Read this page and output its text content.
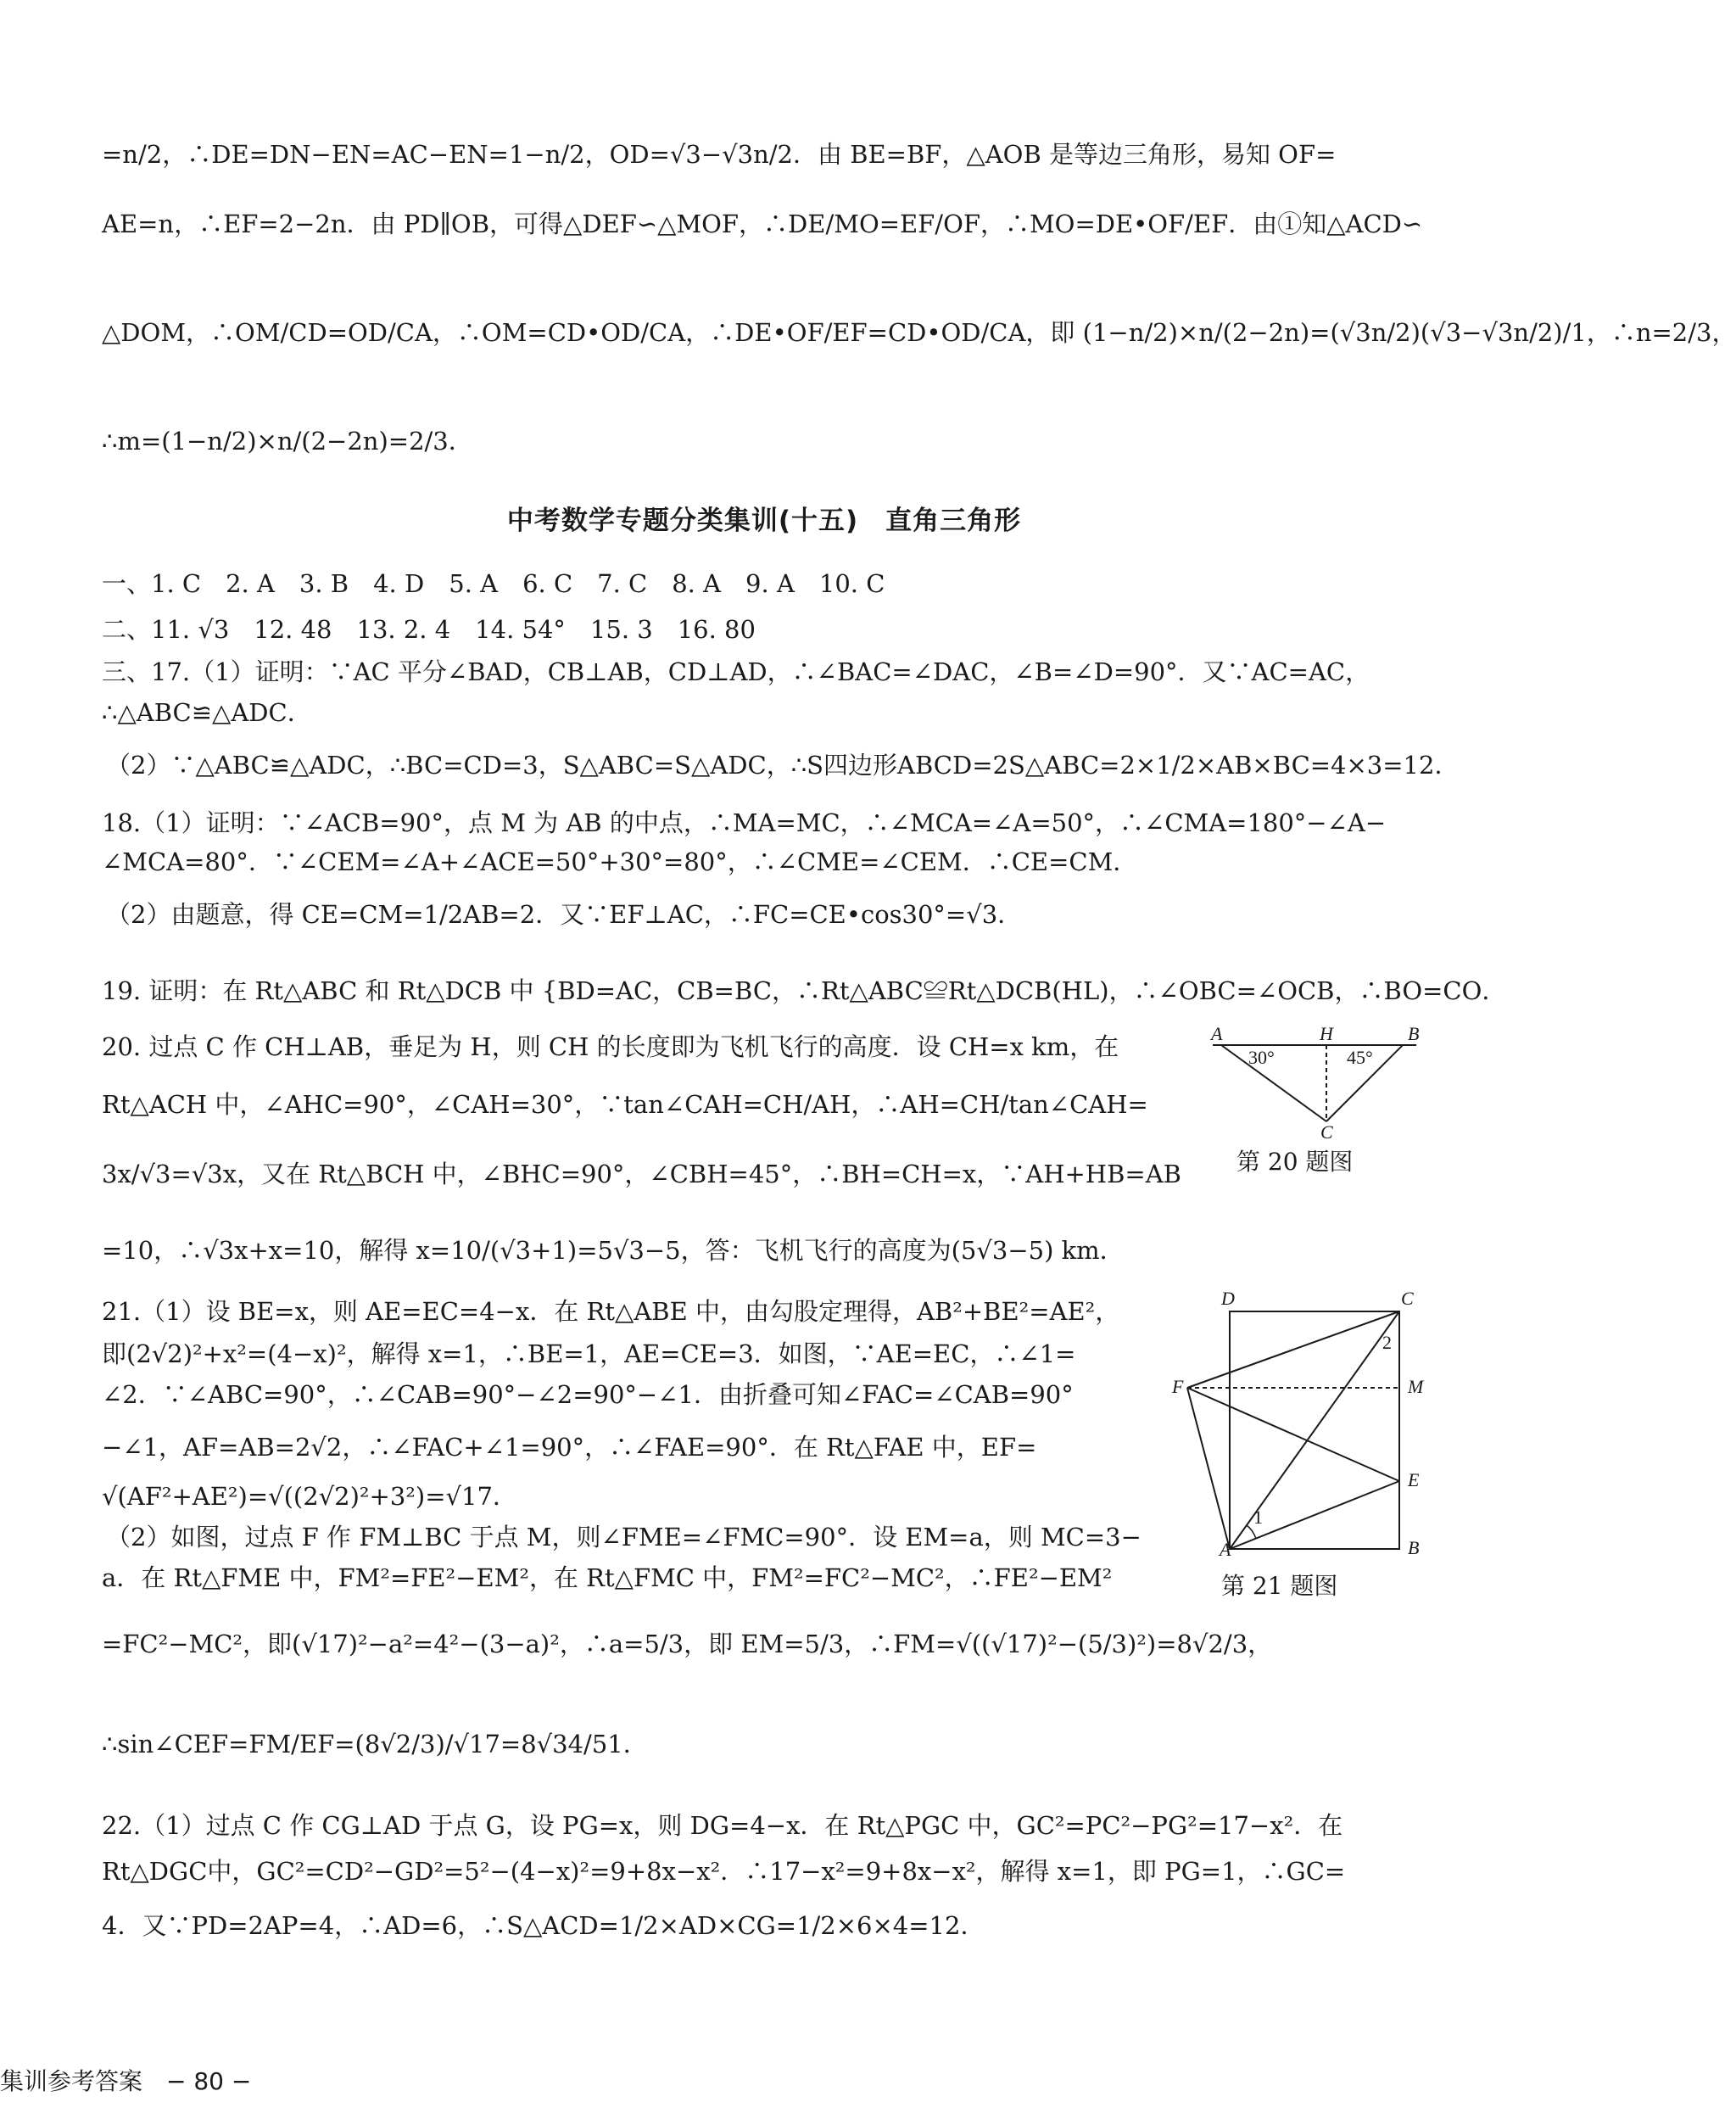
=n/2，∴DE=DN−EN=AC−EN=1−n/2，OD=√3−√3n/2．由 BE=BF，△AOB 是等边三角形，易知 OF=
AE=n，∴EF=2−2n．由 PD∥OB，可得△DEF∽△MOF，∴DE/MO=EF/OF，∴MO=DE•OF/EF．由①知△ACD∽
△DOM，∴OM/CD=OD/CA，∴OM=CD•OD/CA，∴DE•OF/EF=CD•OD/CA，即 (1−n/2)×n/(2−2n)=(√3n/2)(√3−√3n/2)/1，∴n=2/3，
∴m=(1−n/2)×n/(2−2n)=2/3．
中考数学专题分类集训(十五)　直角三角形
一、1. C　2. A　3. B　4. D　5. A　6. C　7. C　8. A　9. A　10. C
二、11. √3　12. 48　13. 2. 4　14. 54°　15. 3　16. 80
三、17.（1）证明：∵AC 平分∠BAD，CB⊥AB，CD⊥AD，∴∠BAC=∠DAC，∠B=∠D=90°．又∵AC=AC，
∴△ABC≌△ADC．
（2）∵△ABC≌△ADC，∴BC=CD=3，S△ABC=S△ADC，∴S四边形ABCD=2S△ABC=2×1/2×AB×BC=4×3=12．
18.（1）证明：∵∠ACB=90°，点 M 为 AB 的中点，∴MA=MC，∴∠MCA=∠A=50°，∴∠CMA=180°−∠A−
∠MCA=80°．∵∠CEM=∠A+∠ACE=50°+30°=80°，∴∠CME=∠CEM．∴CE=CM．
（2）由题意，得 CE=CM=1/2AB=2．又∵EF⊥AC，∴FC=CE•cos30°=√3．
19. 证明：在 Rt△ABC 和 Rt△DCB 中 {BD=AC，CB=BC，∴Rt△ABC≌Rt△DCB(HL)，∴∠OBC=∠OCB，∴BO=CO．
20. 过点 C 作 CH⊥AB，垂足为 H，则 CH 的长度即为飞机飞行的高度．设 CH=x km，在
Rt△ACH 中，∠AHC=90°，∠CAH=30°，∵tan∠CAH=CH/AH，∴AH=CH/tan∠CAH=
3x/√3=√3x，又在 Rt△BCH 中，∠BHC=90°，∠CBH=45°，∴BH=CH=x，∵AH+HB=AB
=10，∴√3x+x=10，解得 x=10/(√3+1)=5√3−5，答：飞机飞行的高度为(5√3−5) km．
A	H	B
C
30°	45°
第 20 题图
21.（1）设 BE=x，则 AE=EC=4−x．在 Rt△ABE 中，由勾股定理得，AB²+BE²=AE²，
即(2√2)²+x²=(4−x)²，解得 x=1，∴BE=1，AE=CE=3．如图，∵AE=EC，∴∠1=
∠2．∵∠ABC=90°，∴∠CAB=90°−∠2=90°−∠1．由折叠可知∠FAC=∠CAB=90°
−∠1，AF=AB=2√2，∴∠FAC+∠1=90°，∴∠FAE=90°．在 Rt△FAE 中，EF=
√(AF²+AE²)=√((2√2)²+3²)=√17．
（2）如图，过点 F 作 FM⊥BC 于点 M，则∠FME=∠FMC=90°．设 EM=a，则 MC=3−
a．在 Rt△FME 中，FM²=FE²−EM²，在 Rt△FMC 中，FM²=FC²−MC²，∴FE²−EM²
=FC²−MC²，即(√17)²−a²=4²−(3−a)²，∴a=5/3，即 EM=5/3，∴FM=√((√17)²−(5/3)²)=8√2/3，
∴sin∠CEF=FM/EF=(8√2/3)/√17=8√34/51．
D	C
F	M
E
A	B
1
2
第 21 题图
22.（1）过点 C 作 CG⊥AD 于点 G，设 PG=x，则 DG=4−x．在 Rt△PGC 中，GC²=PC²−PG²=17−x²．在
Rt△DGC中，GC²=CD²−GD²=5²−(4−x)²=9+8x−x²．∴17−x²=9+8x−x²，解得 x=1，即 PG=1，∴GC=
4．又∵PD=2AP=4，∴AD=6，∴S△ACD=1/2×AD×CG=1/2×6×4=12．
集训参考答案　− 80 −
